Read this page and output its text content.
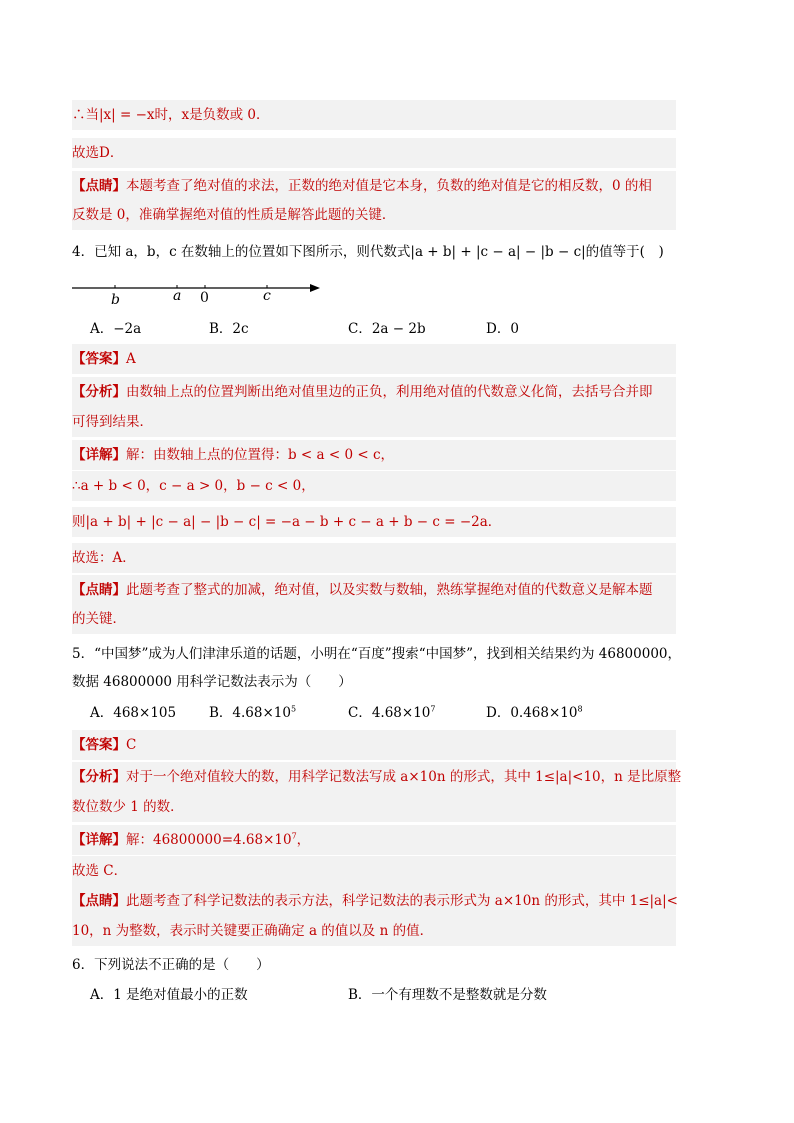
∴当|x| = −x时，x是负数或 0．
故选D．
【点睛】本题考查了绝对值的求法，正数的绝对值是它本身，负数的绝对值是它的相反数，0 的相
反数是 0，准确掌握绝对值的性质是解答此题的关键．
4．已知 a，b，c 在数轴上的位置如下图所示，则代数式|a + b| + |c − a| − |b − c|的值等于(　)
b	a 0	c
A．−2a	B．2c	C．2a − 2b	D．0
【答案】A
【分析】由数轴上点的位置判断出绝对值里边的正负，利用绝对值的代数意义化简，去括号合并即
可得到结果．
【详解】解：由数轴上点的位置得：b < a < 0 < c，
∴a + b < 0，c − a > 0，b − c < 0，
则|a + b| + |c − a| − |b − c| = −a − b + c − a + b − c = −2a．
故选：A．
【点睛】此题考查了整式的加减，绝对值，以及实数与数轴，熟练掌握绝对值的代数意义是解本题
的关键．
5．“中国梦”成为人们津津乐道的话题，小明在“百度”搜索“中国梦”，找到相关结果约为 46800000，
数据 46800000 用科学记数法表示为（　　）
A．468×105 B．$4.68\times 10^5$	C．$4.68\times 10^7$	D．$0.468\times 10^8$
【答案】C
【分析】对于一个绝对值较大的数，用科学记数法写成 a×10n 的形式，其中 1≤|a|<10，n 是比原整
数位数少 1 的数．
【详解】解：$46800000=4.68\times 10^7$，
故选 C．
【点睛】此题考查了科学记数法的表示方法，科学记数法的表示形式为 a×10n 的形式，其中 1≤|a|<
10，n 为整数，表示时关键要正确确定 a 的值以及 n 的值．
6．下列说法不正确的是（　　）
A．1 是绝对值最小的正数	B．一个有理数不是整数就是分数
